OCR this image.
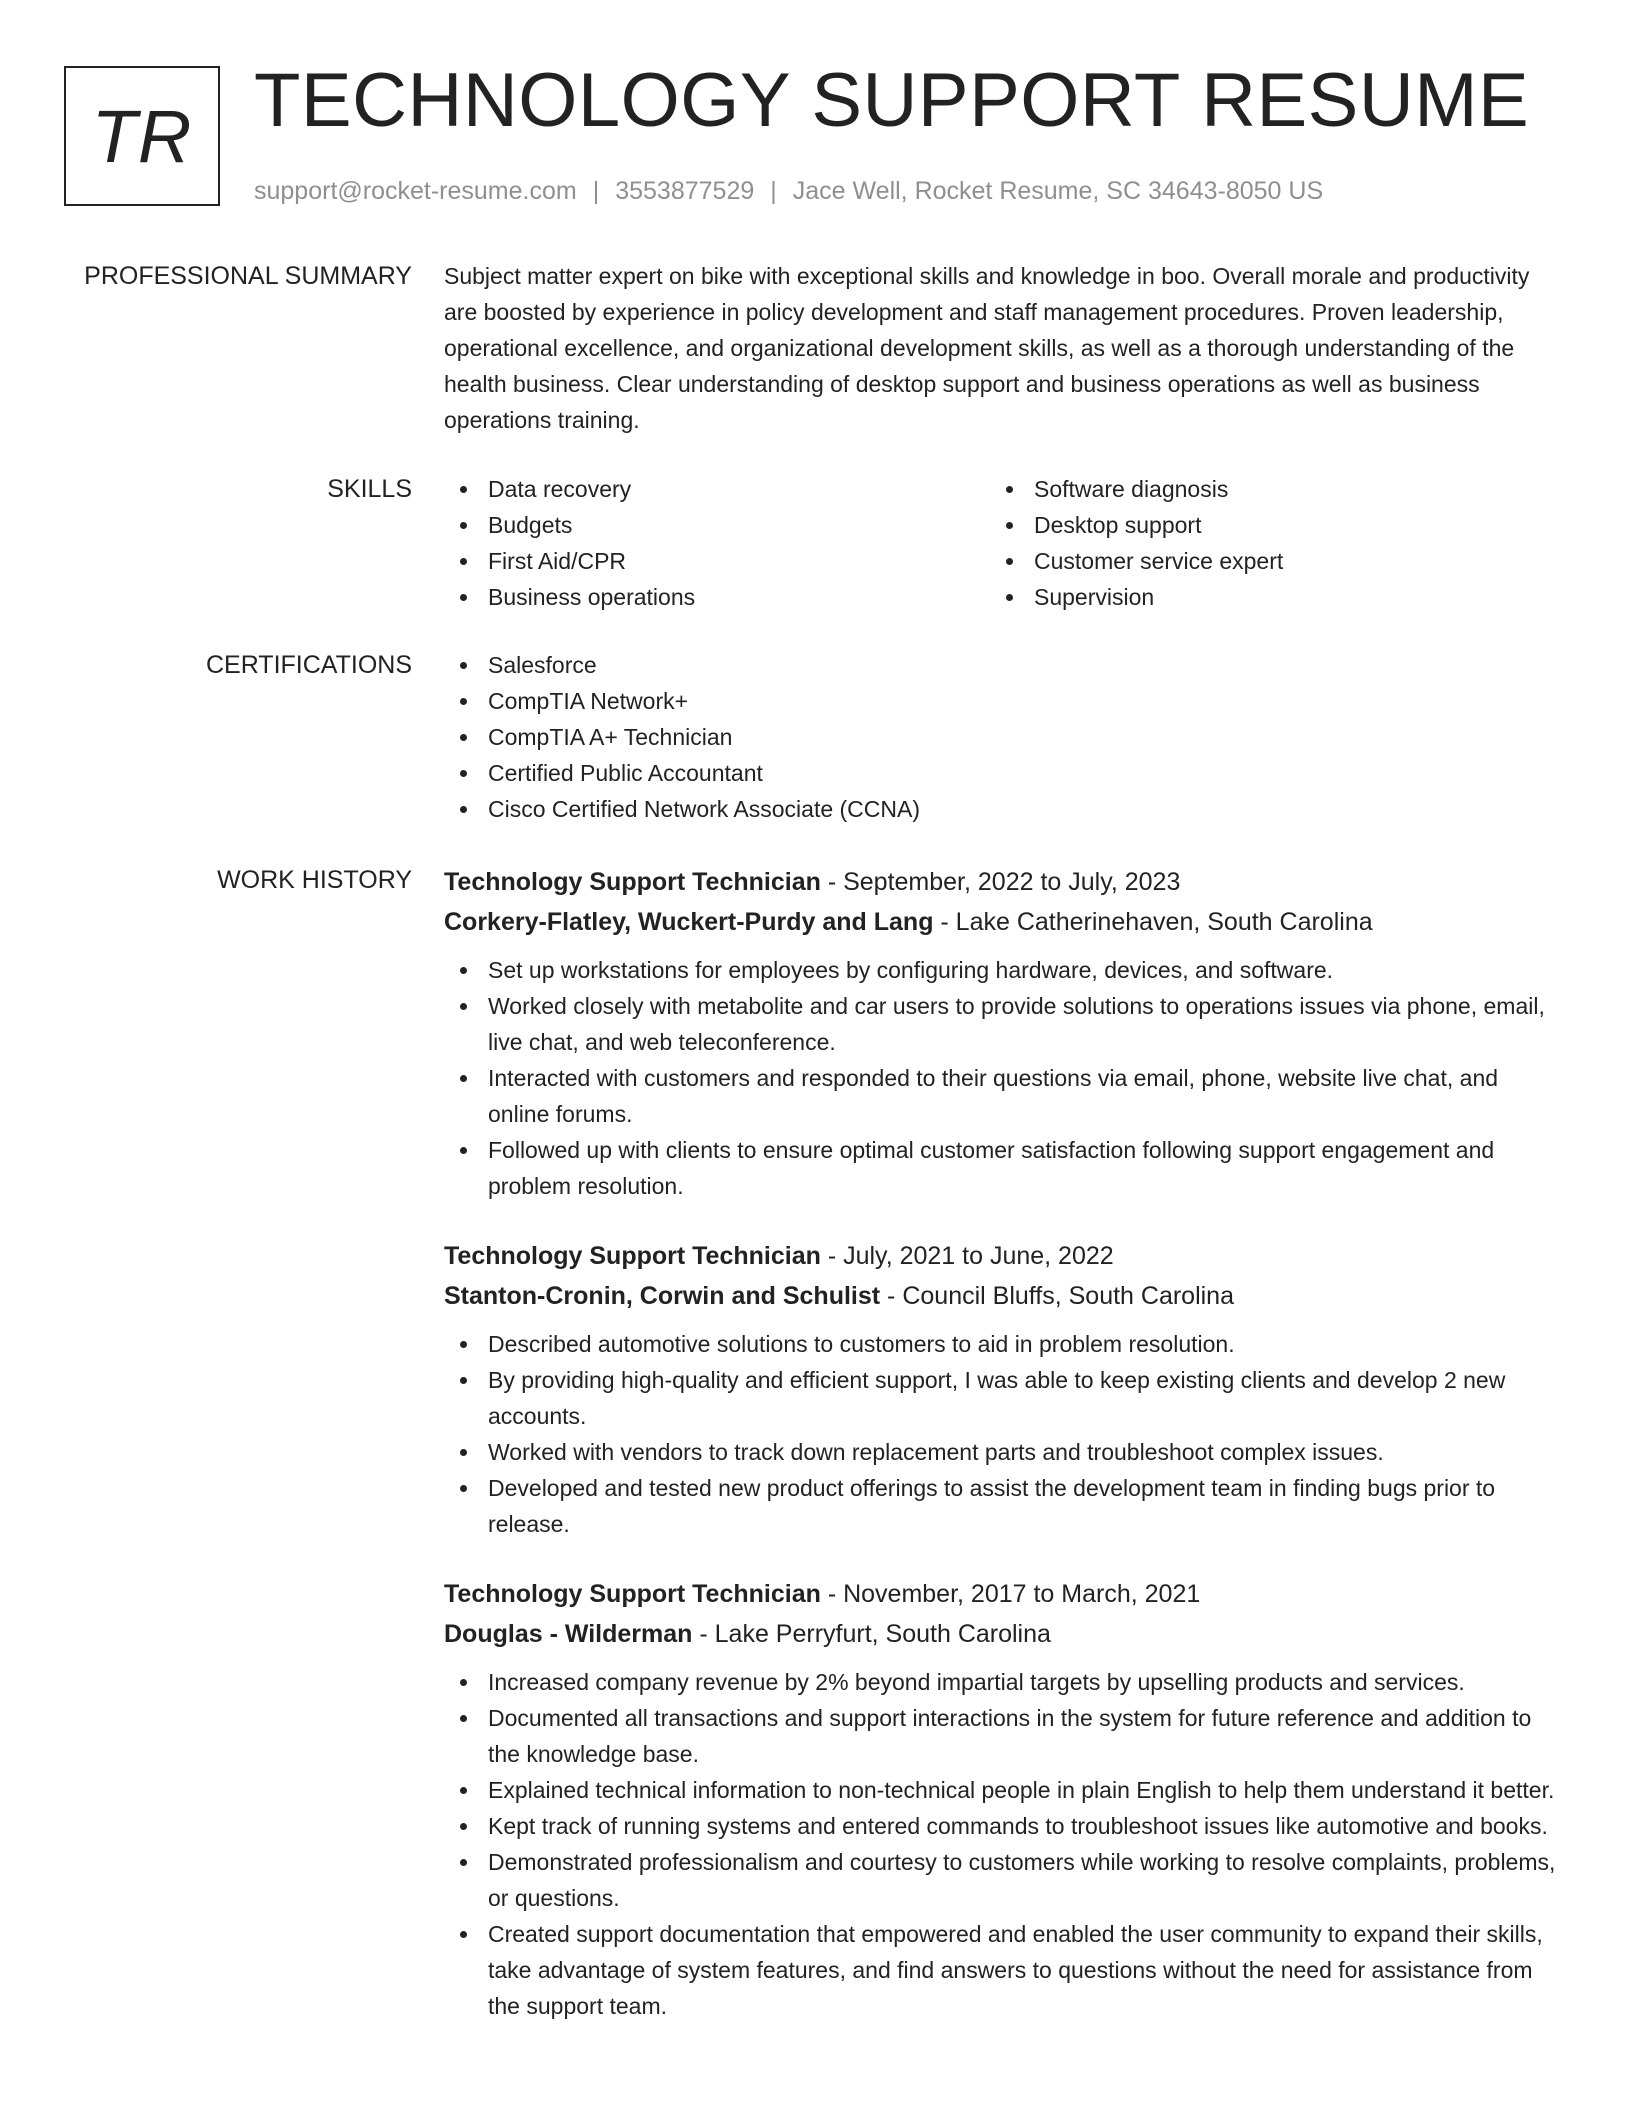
TR TECHNOLOGY SUPPORT RESUME
support@rocket-resume.com | 3553877529 | Jace Well, Rocket Resume, SC 34643-8050 US
PROFESSIONAL SUMMARY Subject matter expert on bike with exceptional skills and knowledge in boo. Overall morale and productivity are boosted by experience in policy development and staff management procedures. Proven leadership, operational excellence, and organizational development skills, as well as a thorough understanding of the health business. Clear understanding of desktop support and business operations as well as business operations training.

SKILLS	Data recovery
Budgets
First Aid/CPR
Business operations
Software diagnosis
Desktop support
Customer service expert
Supervision
CERTIFICATIONS	Salesforce
CompTIA Network+
CompTIA A+ Technician
Certified Public Accountant
Cisco Certified Network Associate (CCNA)
WORK HISTORY Technology Support Technician - September, 2022 to July, 2023
Corkery-Flatley, Wuckert-Purdy and Lang - Lake Catherinehaven, South Carolina
Set up workstations for employees by configuring hardware, devices, and software.
Worked closely with metabolite and car users to provide solutions to operations issues via phone, email, live chat, and web teleconference.
Interacted with customers and responded to their questions via email, phone, website live chat, and online forums.
Followed up with clients to ensure optimal customer satisfaction following support engagement and problem resolution.
Technology Support Technician - July, 2021 to June, 2022
Stanton-Cronin, Corwin and Schulist - Council Bluffs, South Carolina
Described automotive solutions to customers to aid in problem resolution.
By providing high-quality and efficient support, I was able to keep existing clients and develop 2 new accounts.
Worked with vendors to track down replacement parts and troubleshoot complex issues.
Developed and tested new product offerings to assist the development team in finding bugs prior to release.
Technology Support Technician - November, 2017 to March, 2021
Douglas - Wilderman - Lake Perryfurt, South Carolina
Increased company revenue by 2% beyond impartial targets by upselling products and services.
Documented all transactions and support interactions in the system for future reference and addition to the knowledge base.
Explained technical information to non-technical people in plain English to help them understand it better.
Kept track of running systems and entered commands to troubleshoot issues like automotive and books.
Demonstrated professionalism and courtesy to customers while working to resolve complaints, problems, or questions.
Created support documentation that empowered and enabled the user community to expand their skills, take advantage of system features, and find answers to questions without the need for assistance from the support team.
